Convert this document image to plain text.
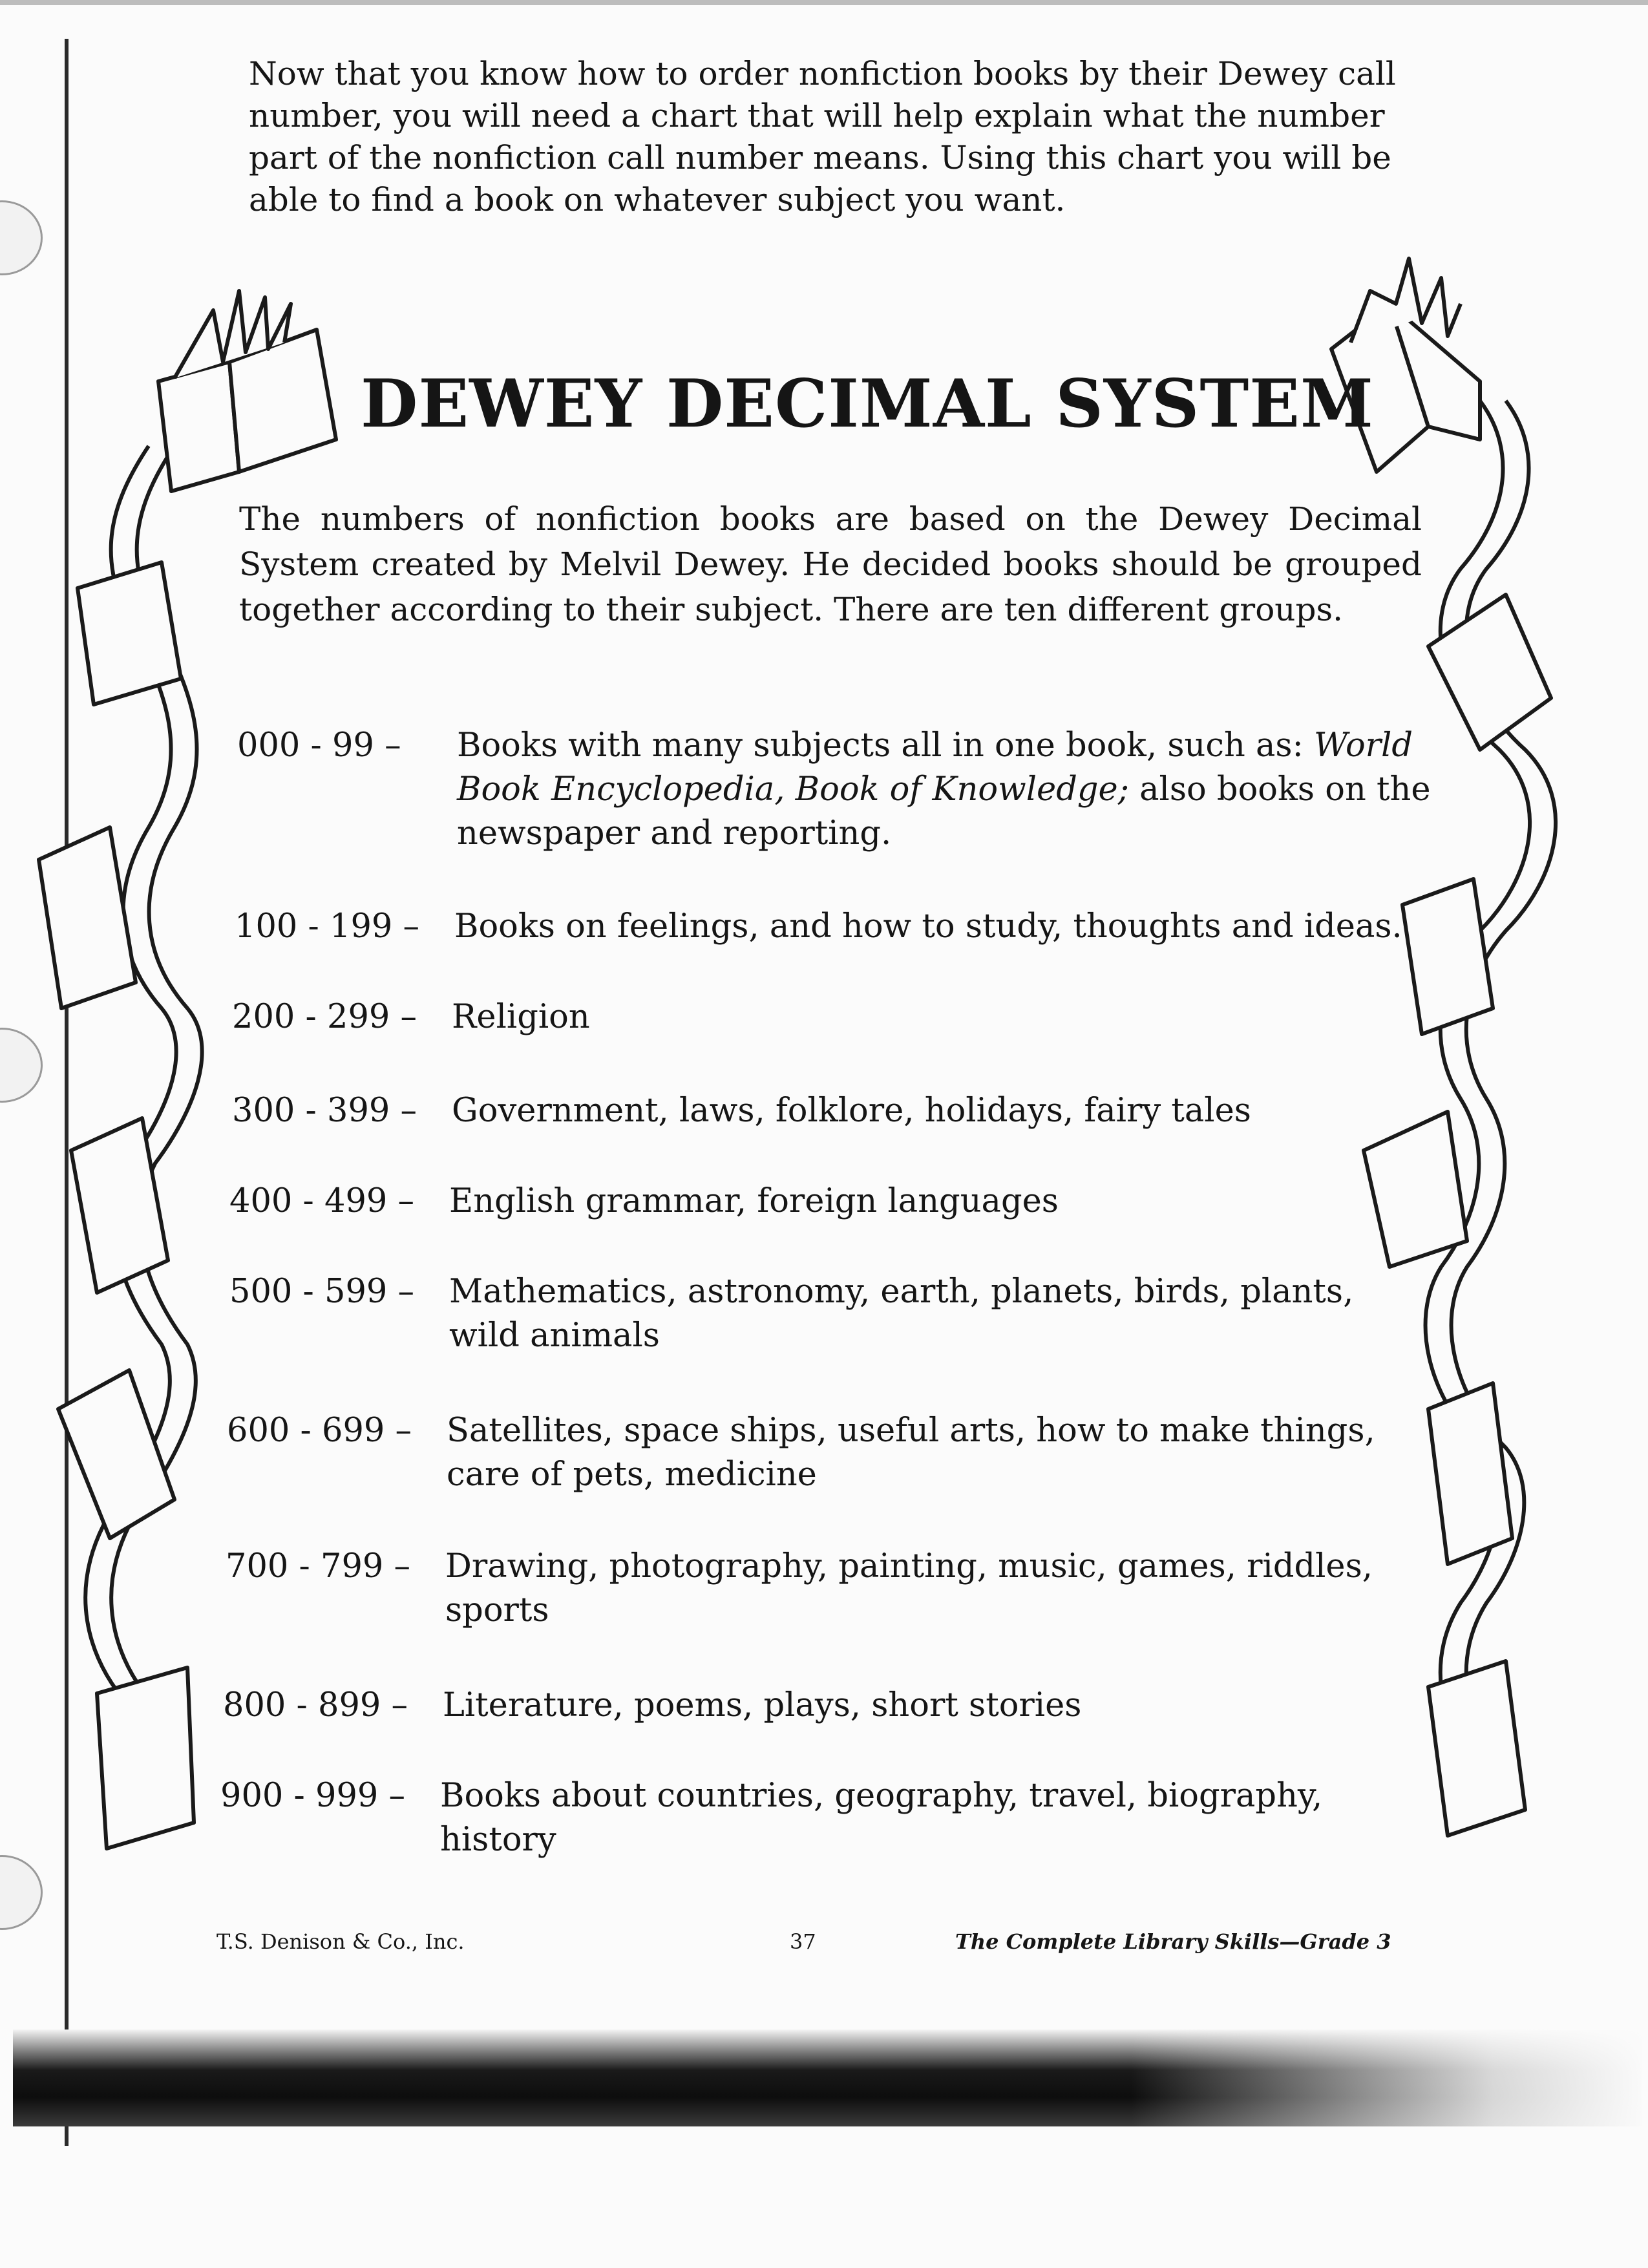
Now that you know how to order nonfiction books by their Dewey call number, you will need a chart that will help explain what the number part of the nonfiction call number means. Using this chart you will be able to find a book on whatever subject you want.

DEWEY DECIMAL SYSTEM

The numbers of nonfiction books are based on the Dewey Decimal System created by Melvil Dewey. He decided books should be grouped together according to their subject. There are ten different groups.

000 - 99 –	Books with many subjects all in one book, such as: World Book Encyclopedia, Book of Knowledge; also books on the newspaper and reporting.
100 - 199 –	Books on feelings, and how to study, thoughts and ideas.
200 - 299 –	Religion
300 - 399 –	Government, laws, folklore, holidays, fairy tales
400 - 499 –	English grammar, foreign languages
500 - 599 –	Mathematics, astronomy, earth, planets, birds, plants, wild animals
600 - 699 –	Satellites, space ships, useful arts, how to make things, care of pets, medicine
700 - 799 –	Drawing, photography, painting, music, games, riddles, sports
800 - 899 –	Literature, poems, plays, short stories
900 - 999 –	Books about countries, geography, travel, biography, history
T.S. Denison & Co., Inc.	37	The Complete Library Skills—Grade 3
